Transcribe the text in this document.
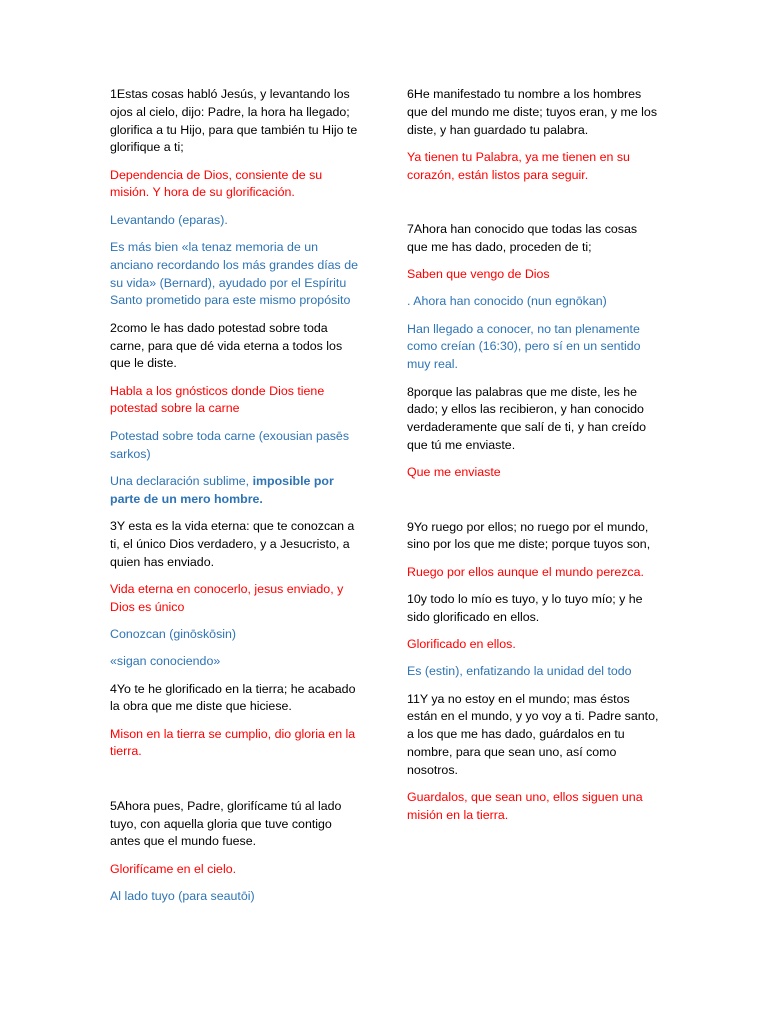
1Estas cosas habló Jesús, y levantando los ojos al cielo, dijo: Padre, la hora ha llegado; glorifica a tu Hijo, para que también tu Hijo te glorifique a ti;

Dependencia de Dios, consiente de su misión. Y hora de su glorificación.

Levantando (eparas).

Es más bien «la tenaz memoria de un anciano recordando los más grandes días de su vida» (Bernard), ayudado por el Espíritu Santo prometido para este mismo propósito

2como le has dado potestad sobre toda carne, para que dé vida eterna a todos los que le diste.

Habla a los gnósticos donde Dios tiene potestad sobre la carne

Potestad sobre toda carne (exousian pasēs sarkos)

Una declaración sublime, imposible por parte de un mero hombre.

3Y esta es la vida eterna: que te conozcan a ti, el único Dios verdadero, y a Jesucristo, a quien has enviado.

Vida eterna en conocerlo, jesus enviado, y Dios es único

Conozcan (ginōskōsin)

«sigan conociendo»

4Yo te he glorificado en la tierra; he acabado la obra que me diste que hiciese.

Mison en la tierra se cumplio, dio gloria en la tierra.

5Ahora pues, Padre, glorifícame tú al lado tuyo, con aquella gloria que tuve contigo antes que el mundo fuese.

Glorifícame en el cielo.

Al lado tuyo (para seautōi)

6He manifestado tu nombre a los hombres que del mundo me diste; tuyos eran, y me los diste, y han guardado tu palabra.

Ya tienen tu Palabra, ya me tienen en su corazón, están listos para seguir.

7Ahora han conocido que todas las cosas que me has dado, proceden de ti;

Saben que vengo de Dios

. Ahora han conocido (nun egnōkan)

Han llegado a conocer, no tan plenamente como creían (16:30), pero sí en un sentido muy real.

8porque las palabras que me diste, les he dado; y ellos las recibieron, y han conocido verdaderamente que salí de ti, y han creído que tú me enviaste.

Que me enviaste

9Yo ruego por ellos; no ruego por el mundo, sino por los que me diste; porque tuyos son,

Ruego por ellos aunque el mundo perezca.

10y todo lo mío es tuyo, y lo tuyo mío; y he sido glorificado en ellos.

Glorificado en ellos.

Es (estin), enfatizando la unidad del todo

11Y ya no estoy en el mundo; mas éstos están en el mundo, y yo voy a ti. Padre santo, a los que me has dado, guárdalos en tu nombre, para que sean uno, así como nosotros.

Guardalos, que sean uno, ellos siguen una misión en la tierra.
